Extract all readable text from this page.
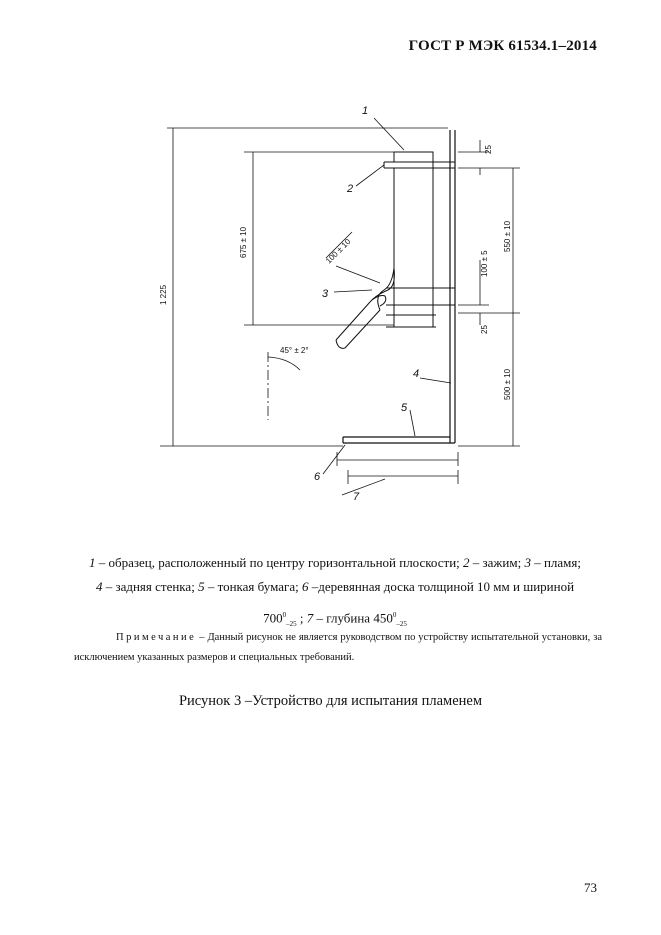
ГОСТ Р МЭК 61534.1–2014
1
2
3
4
5
6
7
1 225
675 ± 10
25
550 ± 10
100 ± 5
25
500 ± 10
100 ± 10
45° ± 2°
1 – образец, расположенный по центру горизонтальной плоскости; 2 – зажим; 3 – пламя;
4 – задняя стенка; 5 – тонкая бумага; 6 –деревянная доска толщиной 10 мм и шириной
$700^0_{-25}$ ; 7 – глубина $450^0_{-25}$
Примечание – Данный рисунок не является руководством по устройству испытательной установки, за исключением указанных размеров и специальных требований.
Рисунок 3 –Устройство для испытания пламенем
73
